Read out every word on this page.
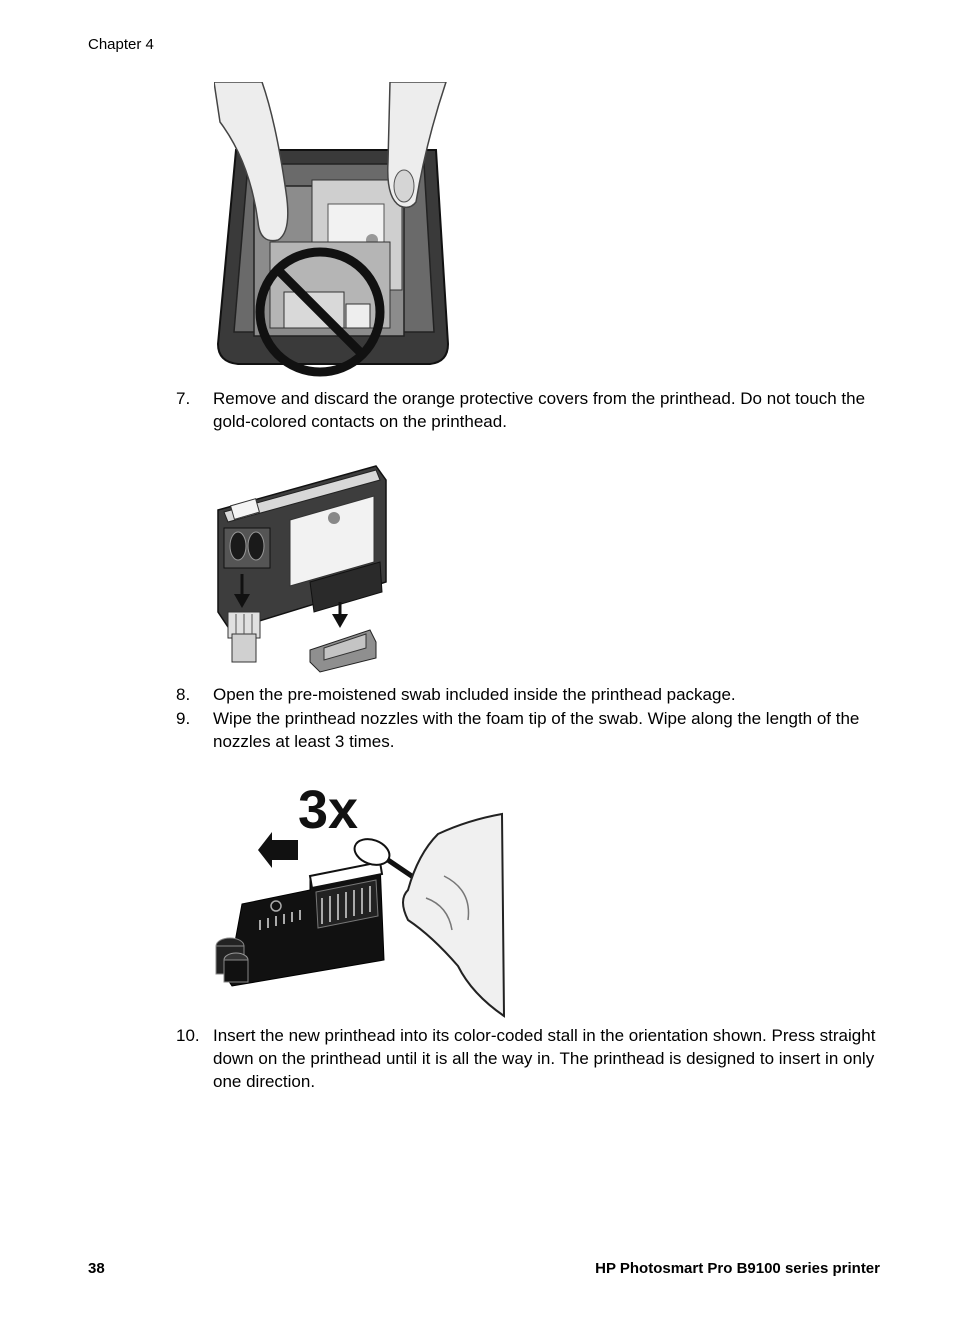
Chapter 4
7. Remove and discard the orange protective covers from the printhead. Do not touch the gold-colored contacts on the printhead.
8. Open the pre-moistened swab included inside the printhead package.
9. Wipe the printhead nozzles with the foam tip of the swab. Wipe along the length of the nozzles at least 3 times.
3x
10. Insert the new printhead into its color-coded stall in the orientation shown. Press straight down on the printhead until it is all the way in. The printhead is designed to insert in only one direction.
38	HP Photosmart Pro B9100 series printer
